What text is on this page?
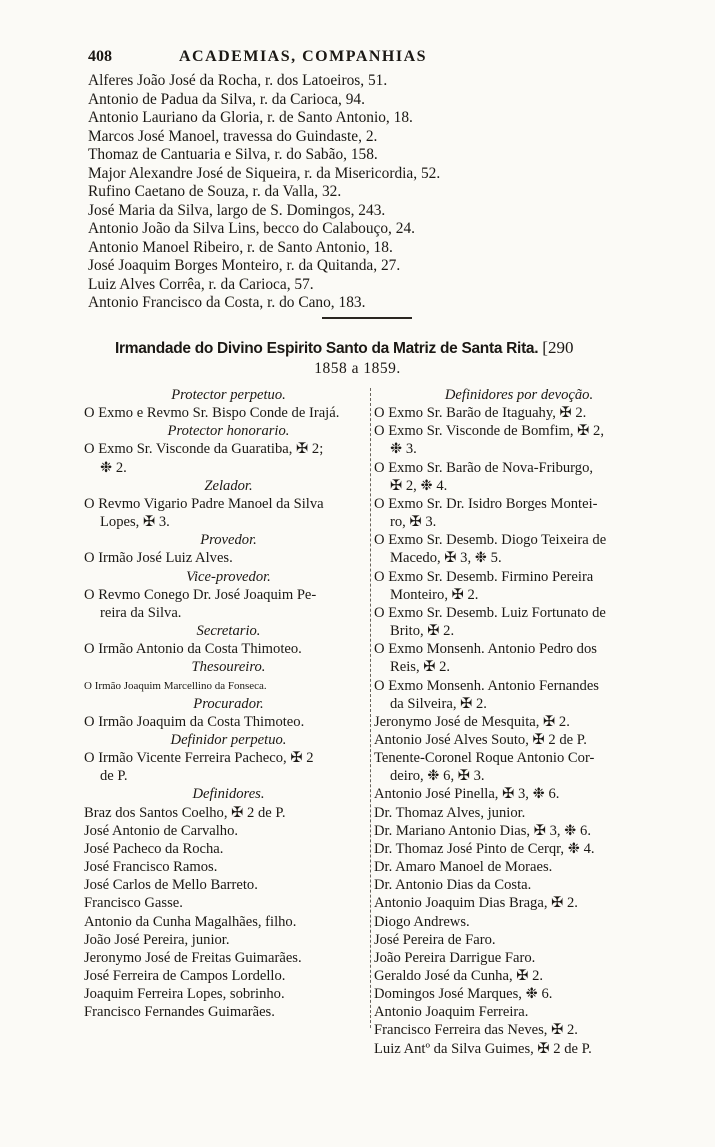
408	ACADEMIAS, COMPANHIAS
Alferes João José da Rocha, r. dos Latoeiros, 51.
Antonio de Padua da Silva, r. da Carioca, 94.
Antonio Lauriano da Gloria, r. de Santo Antonio, 18.
Marcos José Manoel, travessa do Guindaste, 2.
Thomaz de Cantuaria e Silva, r. do Sabão, 158.
Major Alexandre José de Siqueira, r. da Misericordia, 52.
Rufino Caetano de Souza, r. da Valla, 32.
José Maria da Silva, largo de S. Domingos, 243.
Antonio João da Silva Lins, becco do Calabouço, 24.
Antonio Manoel Ribeiro, r. de Santo Antonio, 18.
José Joaquim Borges Monteiro, r. da Quitanda, 27.
Luiz Alves Corrêa, r. da Carioca, 57.
Antonio Francisco da Costa, r. do Cano, 183.
Irmandade do Divino Espirito Santo da Matriz de Santa Rita. [290
1858 a 1859.
Protector perpetuo.
O Exmo e Revmo Sr. Bispo Conde de Irajá.
Protector honorario.
O Exmo Sr. Visconde da Guaratiba, ✠ 2;
❉ 2.
Zelador.
O Revmo Vigario Padre Manoel da Silva
Lopes, ✠ 3.
Provedor.
O Irmão José Luiz Alves.
Vice-provedor.
O Revmo Conego Dr. José Joaquim Pe-
reira da Silva.
Secretario.
O Irmão Antonio da Costa Thimoteo.
Thesoureiro.
O Irmão Joaquim Marcellino da Fonseca.
Procurador.
O Irmão Joaquim da Costa Thimoteo.
Definidor perpetuo.
O Irmão Vicente Ferreira Pacheco, ✠ 2
de P.
Definidores.
Braz dos Santos Coelho, ✠ 2 de P.
José Antonio de Carvalho.
José Pacheco da Rocha.
José Francisco Ramos.
José Carlos de Mello Barreto.
Francisco Gasse.
Antonio da Cunha Magalhães, filho.
João José Pereira, junior.
Jeronymo José de Freitas Guimarães.
José Ferreira de Campos Lordello.
Joaquim Ferreira Lopes, sobrinho.
Francisco Fernandes Guimarães.
Definidores por devoção.
O Exmo Sr. Barão de Itaguahy, ✠ 2.
O Exmo Sr. Visconde de Bomfim, ✠ 2,
❉ 3.
O Exmo Sr. Barão de Nova-Friburgo,
✠ 2, ❉ 4.
O Exmo Sr. Dr. Isidro Borges Montei-
ro, ✠ 3.
O Exmo Sr. Desemb. Diogo Teixeira de
Macedo, ✠ 3, ❉ 5.
O Exmo Sr. Desemb. Firmino Pereira
Monteiro, ✠ 2.
O Exmo Sr. Desemb. Luiz Fortunato de
Brito, ✠ 2.
O Exmo Monsenh. Antonio Pedro dos
Reis, ✠ 2.
O Exmo Monsenh. Antonio Fernandes
da Silveira, ✠ 2.
Jeronymo José de Mesquita, ✠ 2.
Antonio José Alves Souto, ✠ 2 de P.
Tenente-Coronel Roque Antonio Cor-
deiro, ❉ 6, ✠ 3.
Antonio José Pinella, ✠ 3, ❉ 6.
Dr. Thomaz Alves, junior.
Dr. Mariano Antonio Dias, ✠ 3, ❉ 6.
Dr. Thomaz José Pinto de Cerqr, ❉ 4.
Dr. Amaro Manoel de Moraes.
Dr. Antonio Dias da Costa.
Antonio Joaquim Dias Braga, ✠ 2.
Diogo Andrews.
José Pereira de Faro.
João Pereira Darrigue Faro.
Geraldo José da Cunha, ✠ 2.
Domingos José Marques, ❉ 6.
Antonio Joaquim Ferreira.
Francisco Ferreira das Neves, ✠ 2.
Luiz Antº da Silva Guimes, ✠ 2 de P.
